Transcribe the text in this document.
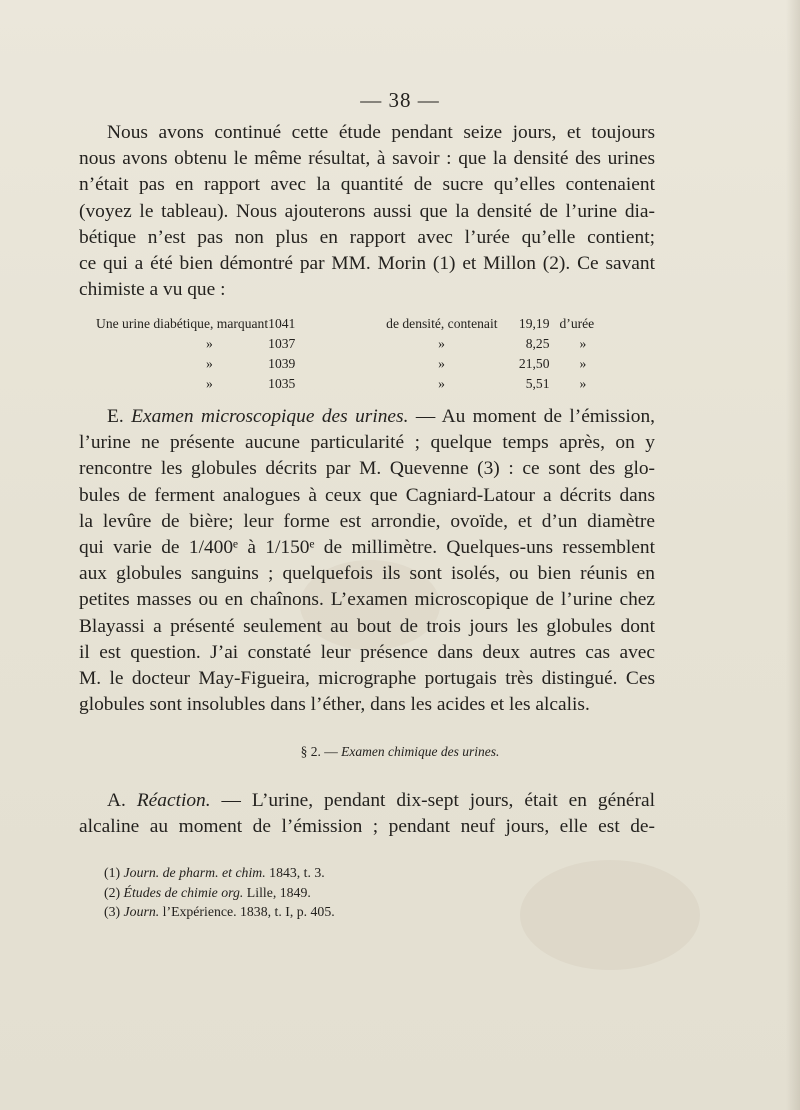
— 38 —
Nous avons continué cette étude pendant seize jours, et toujours
nous avons obtenu le même résultat, à savoir : que la densité des urines
n’était pas en rapport avec la quantité de sucre qu’elles contenaient
(voyez le tableau). Nous ajouterons aussi que la densité de l’urine dia-
bétique n’est pas non plus en rapport avec l’urée qu’elle contient;
ce qui a été bien démontré par MM. Morin (1) et Millon (2). Ce savant
chimiste a vu que :
Une urine diabétique, marquant	1041	de densité, contenait	19,19	d’urée
»	1037	»	8,25	»
»	1039	»	21,50	»
»	1035	»	5,51	»
E. Examen microscopique des urines. — Au moment de l’émission,
l’urine ne présente aucune particularité ; quelque temps après, on y
rencontre les globules décrits par M. Quevenne (3) : ce sont des glo-
bules de ferment analogues à ceux que Cagniard-Latour a décrits dans
la levûre de bière; leur forme est arrondie, ovoïde, et d’un diamètre
qui varie de 1/400ᵉ à 1/150ᵉ de millimètre. Quelques-uns ressemblent
aux globules sanguins ; quelquefois ils sont isolés, ou bien réunis en
petites masses ou en chaînons. L’examen microscopique de l’urine chez
Blayassi a présenté seulement au bout de trois jours les globules dont
il est question. J’ai constaté leur présence dans deux autres cas avec
M. le docteur May-Figueira, micrographe portugais très distingué. Ces
globules sont insolubles dans l’éther, dans les acides et les alcalis.
§ 2. — Examen chimique des urines.
A. Réaction. — L’urine, pendant dix-sept jours, était en général
alcaline au moment de l’émission ; pendant neuf jours, elle est de-
(1) Journ. de pharm. et chim. 1843, t. 3.
(2) Études de chimie org. Lille, 1849.
(3) Journ. l’Expérience. 1838, t. I, p. 405.
